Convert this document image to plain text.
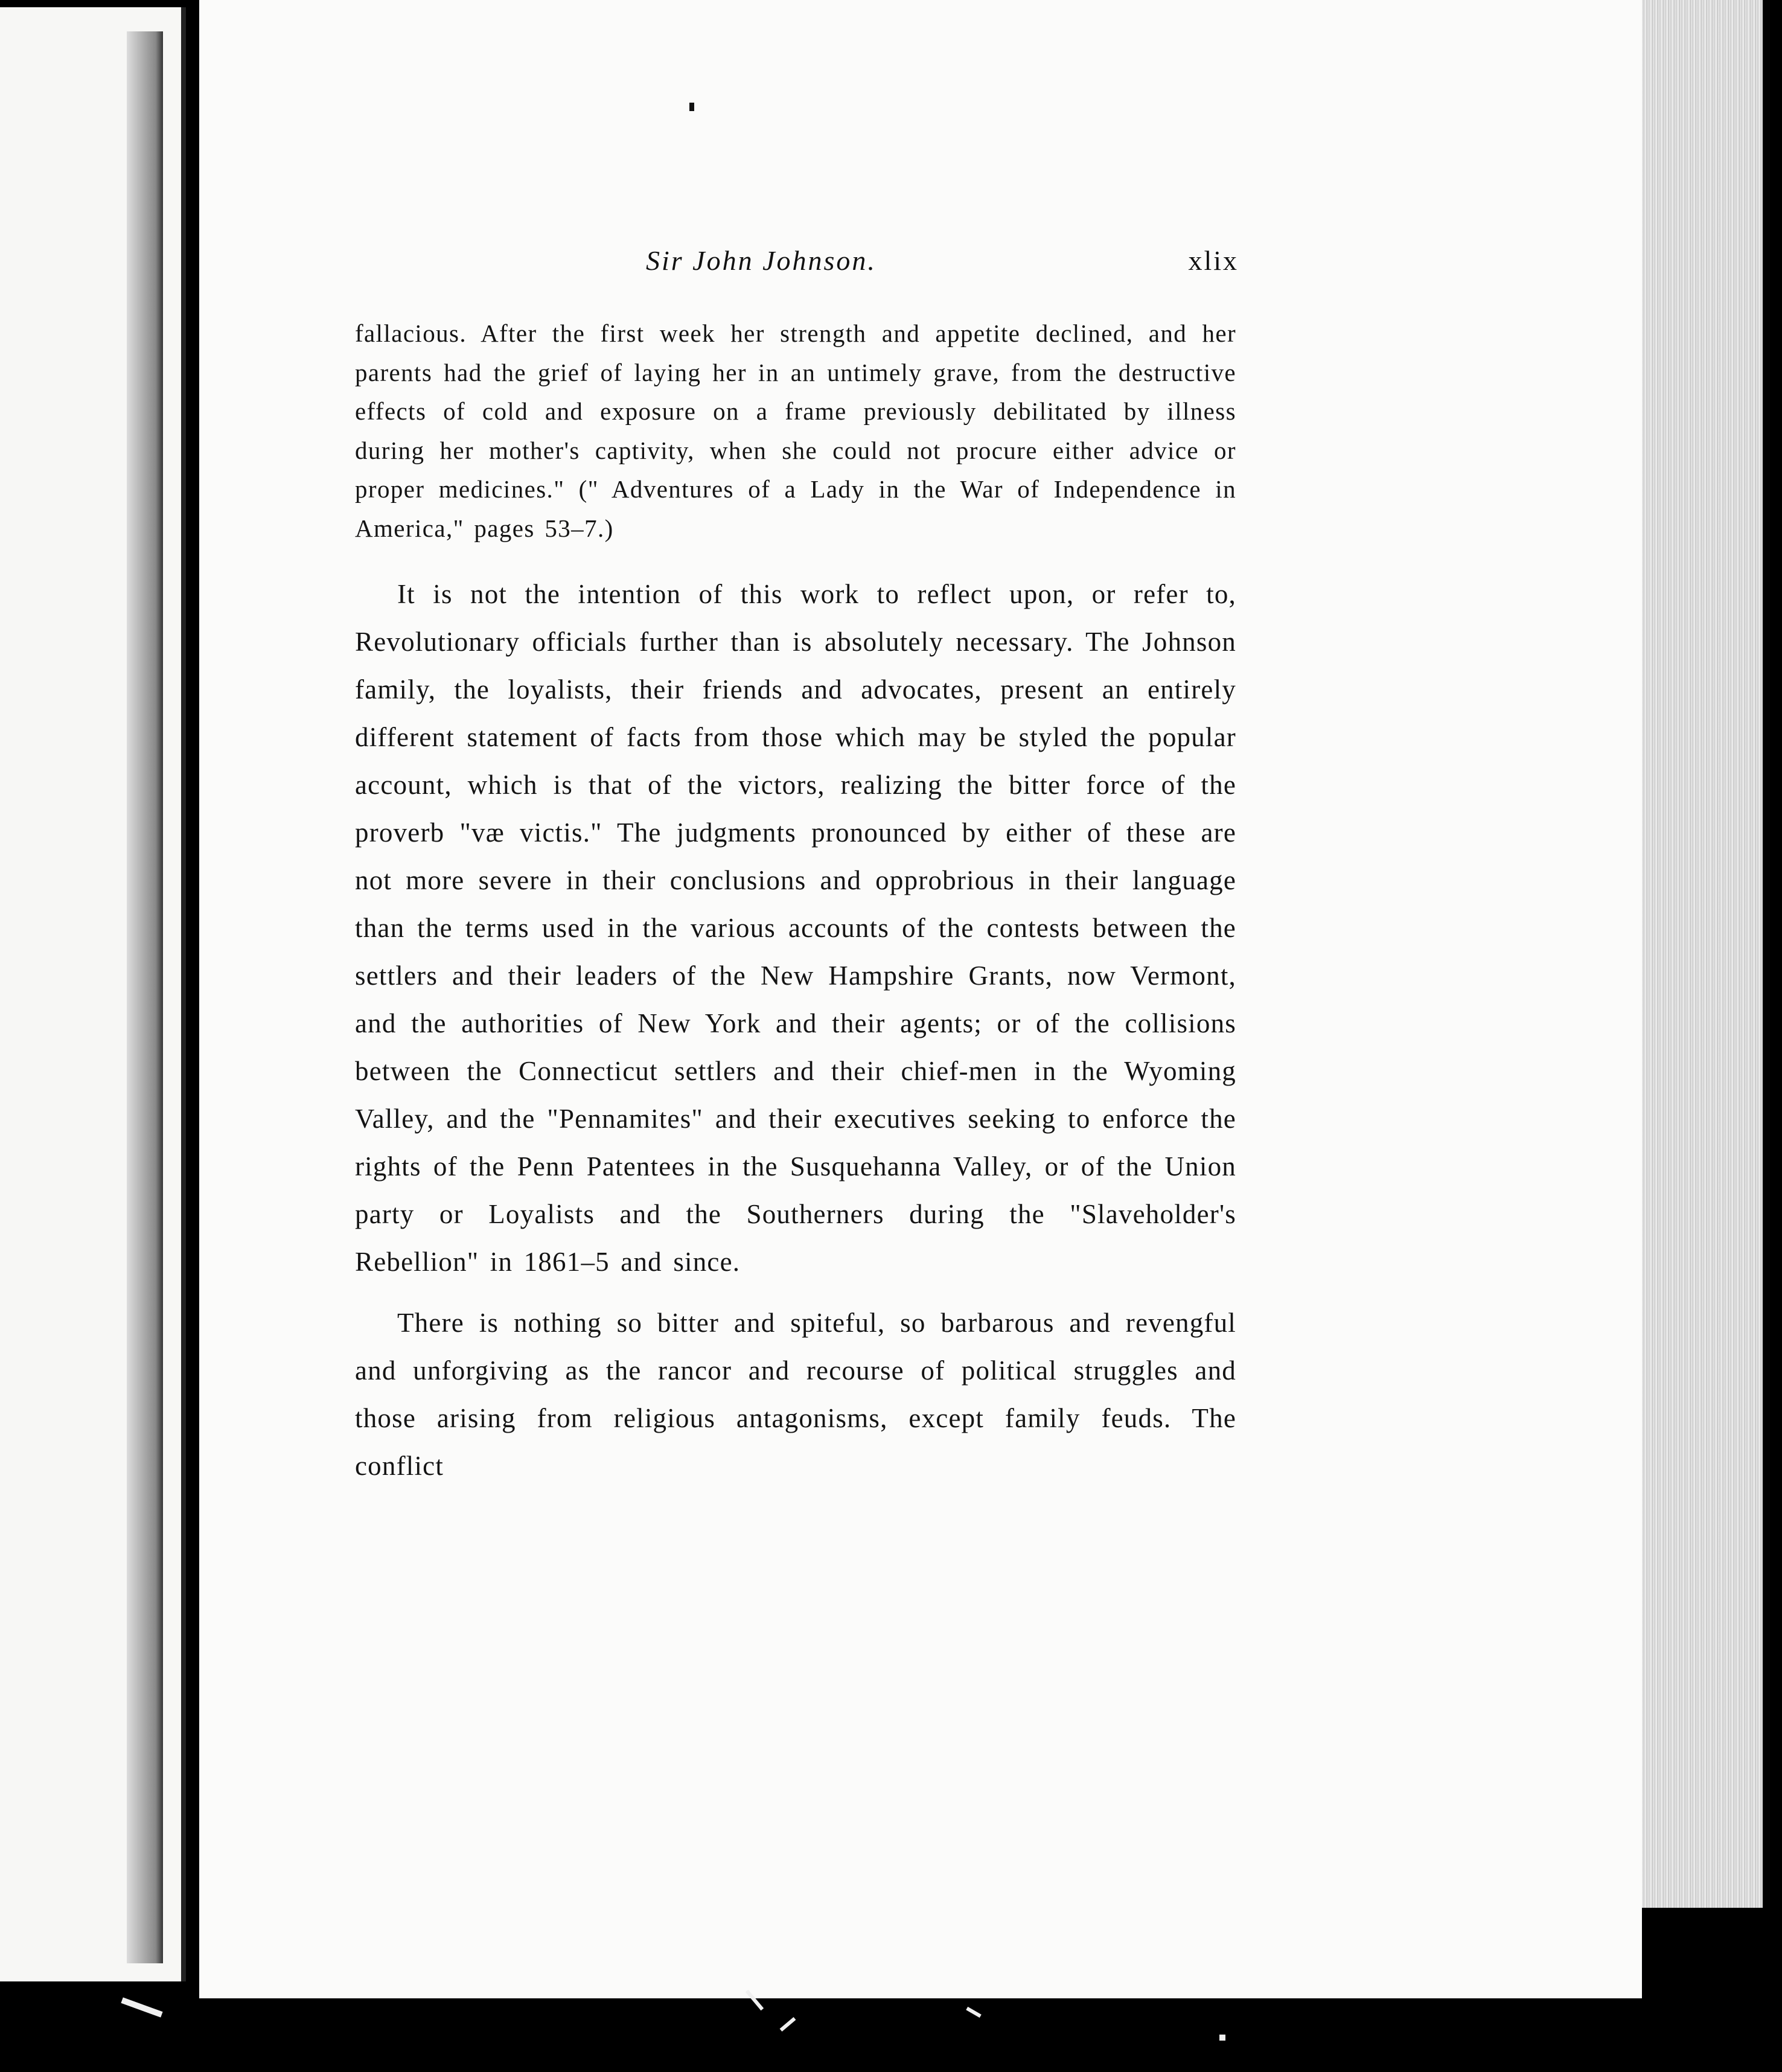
Sir John Johnson.	xlix

fallacious. After the first week her strength and appetite declined, and her parents had the grief of laying her in an untimely grave, from the destructive effects of cold and exposure on a frame previously debilitated by illness during her mother's captivity, when she could not procure either advice or proper medicines." (" Adventures of a Lady in the War of Independence in America," pages 53–7.)

It is not the intention of this work to reflect upon, or refer to, Revolutionary officials further than is absolutely necessary. The Johnson family, the loyalists, their friends and advocates, present an entirely different statement of facts from those which may be styled the popular account, which is that of the victors, realizing the bitter force of the proverb "væ victis." The judgments pronounced by either of these are not more severe in their conclusions and opprobrious in their language than the terms used in the various accounts of the contests between the settlers and their leaders of the New Hampshire Grants, now Vermont, and the authorities of New York and their agents; or of the collisions between the Connecticut settlers and their chief-men in the Wyoming Valley, and the "Pennamites" and their executives seeking to enforce the rights of the Penn Patentees in the Susquehanna Valley, or of the Union party or Loyalists and the Southerners during the "Slaveholder's Rebellion" in 1861–5 and since.

There is nothing so bitter and spiteful, so barbarous and revengful and unforgiving as the rancor and recourse of political struggles and those arising from religious antagonisms, except family feuds. The conflict
